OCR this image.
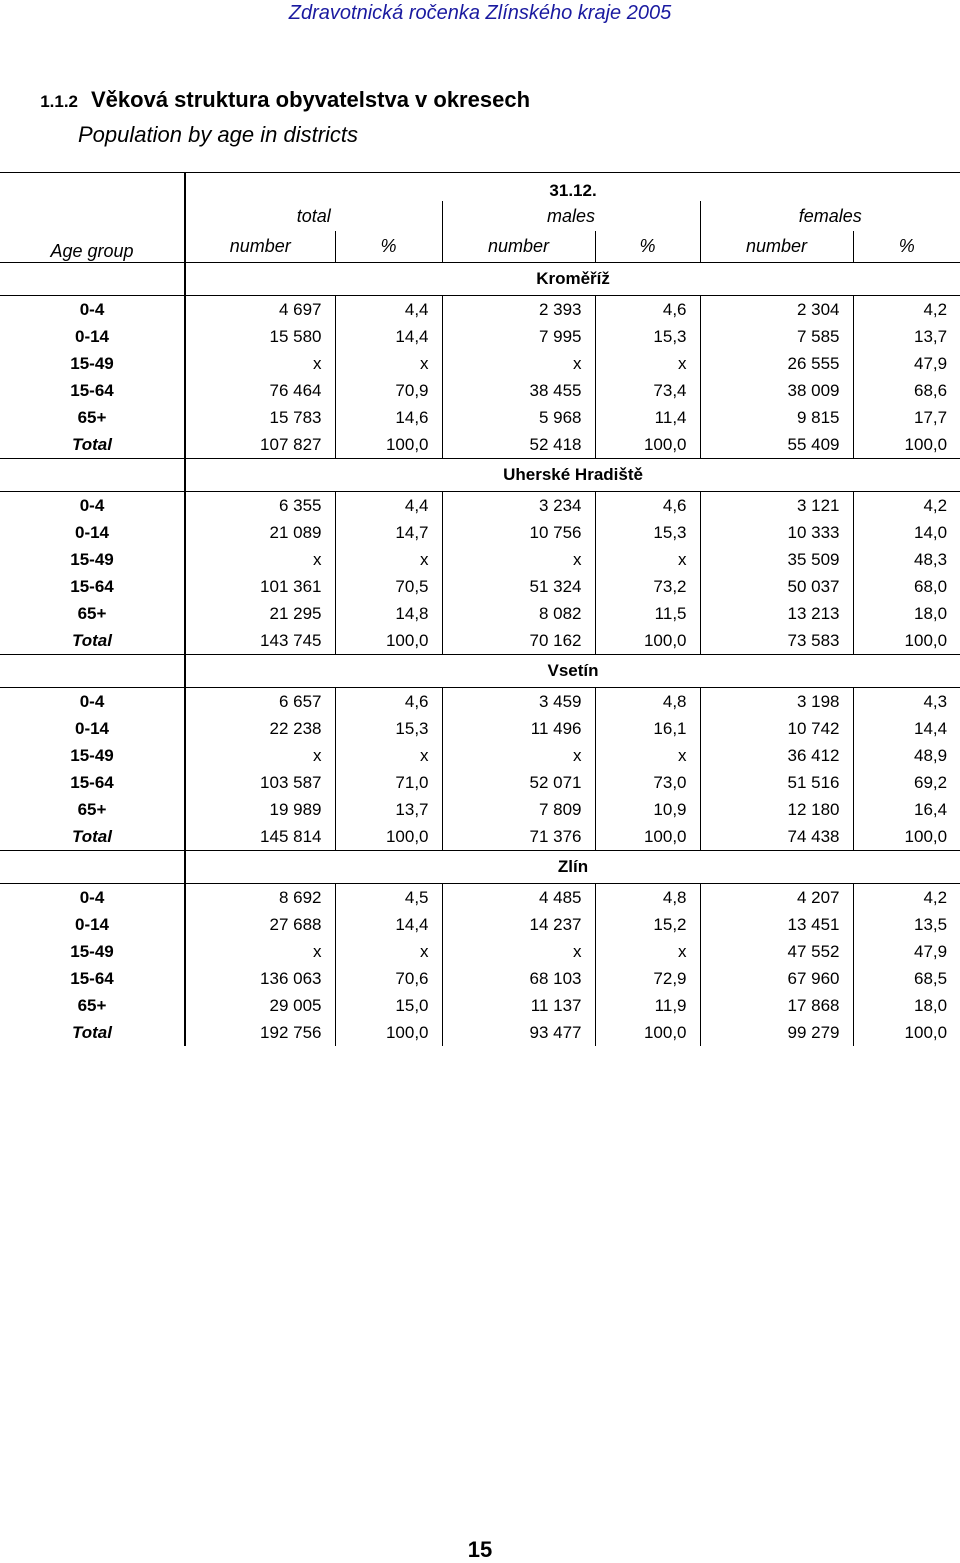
Zdravotnická ročenka Zlínského kraje 2005
1.1.2 Věková struktura obyvatelstva v okresech
Population by age in districts
Age group	31.12.					
	total		males		females	
	number	%	number	%	number	%
	Kroměříž					
0-4	4 697	4,4	2 393	4,6	2 304	4,2
0-14	15 580	14,4	7 995	15,3	7 585	13,7
15-49	x	x	x	x	26 555	47,9
15-64	76 464	70,9	38 455	73,4	38 009	68,6
65+	15 783	14,6	5 968	11,4	9 815	17,7
Total	107 827	100,0	52 418	100,0	55 409	100,0
	Uherské Hradiště					
0-4	6 355	4,4	3 234	4,6	3 121	4,2
0-14	21 089	14,7	10 756	15,3	10 333	14,0
15-49	x	x	x	x	35 509	48,3
15-64	101 361	70,5	51 324	73,2	50 037	68,0
65+	21 295	14,8	8 082	11,5	13 213	18,0
Total	143 745	100,0	70 162	100,0	73 583	100,0
	Vsetín					
0-4	6 657	4,6	3 459	4,8	3 198	4,3
0-14	22 238	15,3	11 496	16,1	10 742	14,4
15-49	x	x	x	x	36 412	48,9
15-64	103 587	71,0	52 071	73,0	51 516	69,2
65+	19 989	13,7	7 809	10,9	12 180	16,4
Total	145 814	100,0	71 376	100,0	74 438	100,0
	Zlín					
0-4	8 692	4,5	4 485	4,8	4 207	4,2
0-14	27 688	14,4	14 237	15,2	13 451	13,5
15-49	x	x	x	x	47 552	47,9
15-64	136 063	70,6	68 103	72,9	67 960	68,5
65+	29 005	15,0	11 137	11,9	17 868	18,0
Total	192 756	100,0	93 477	100,0	99 279	100,0
15
